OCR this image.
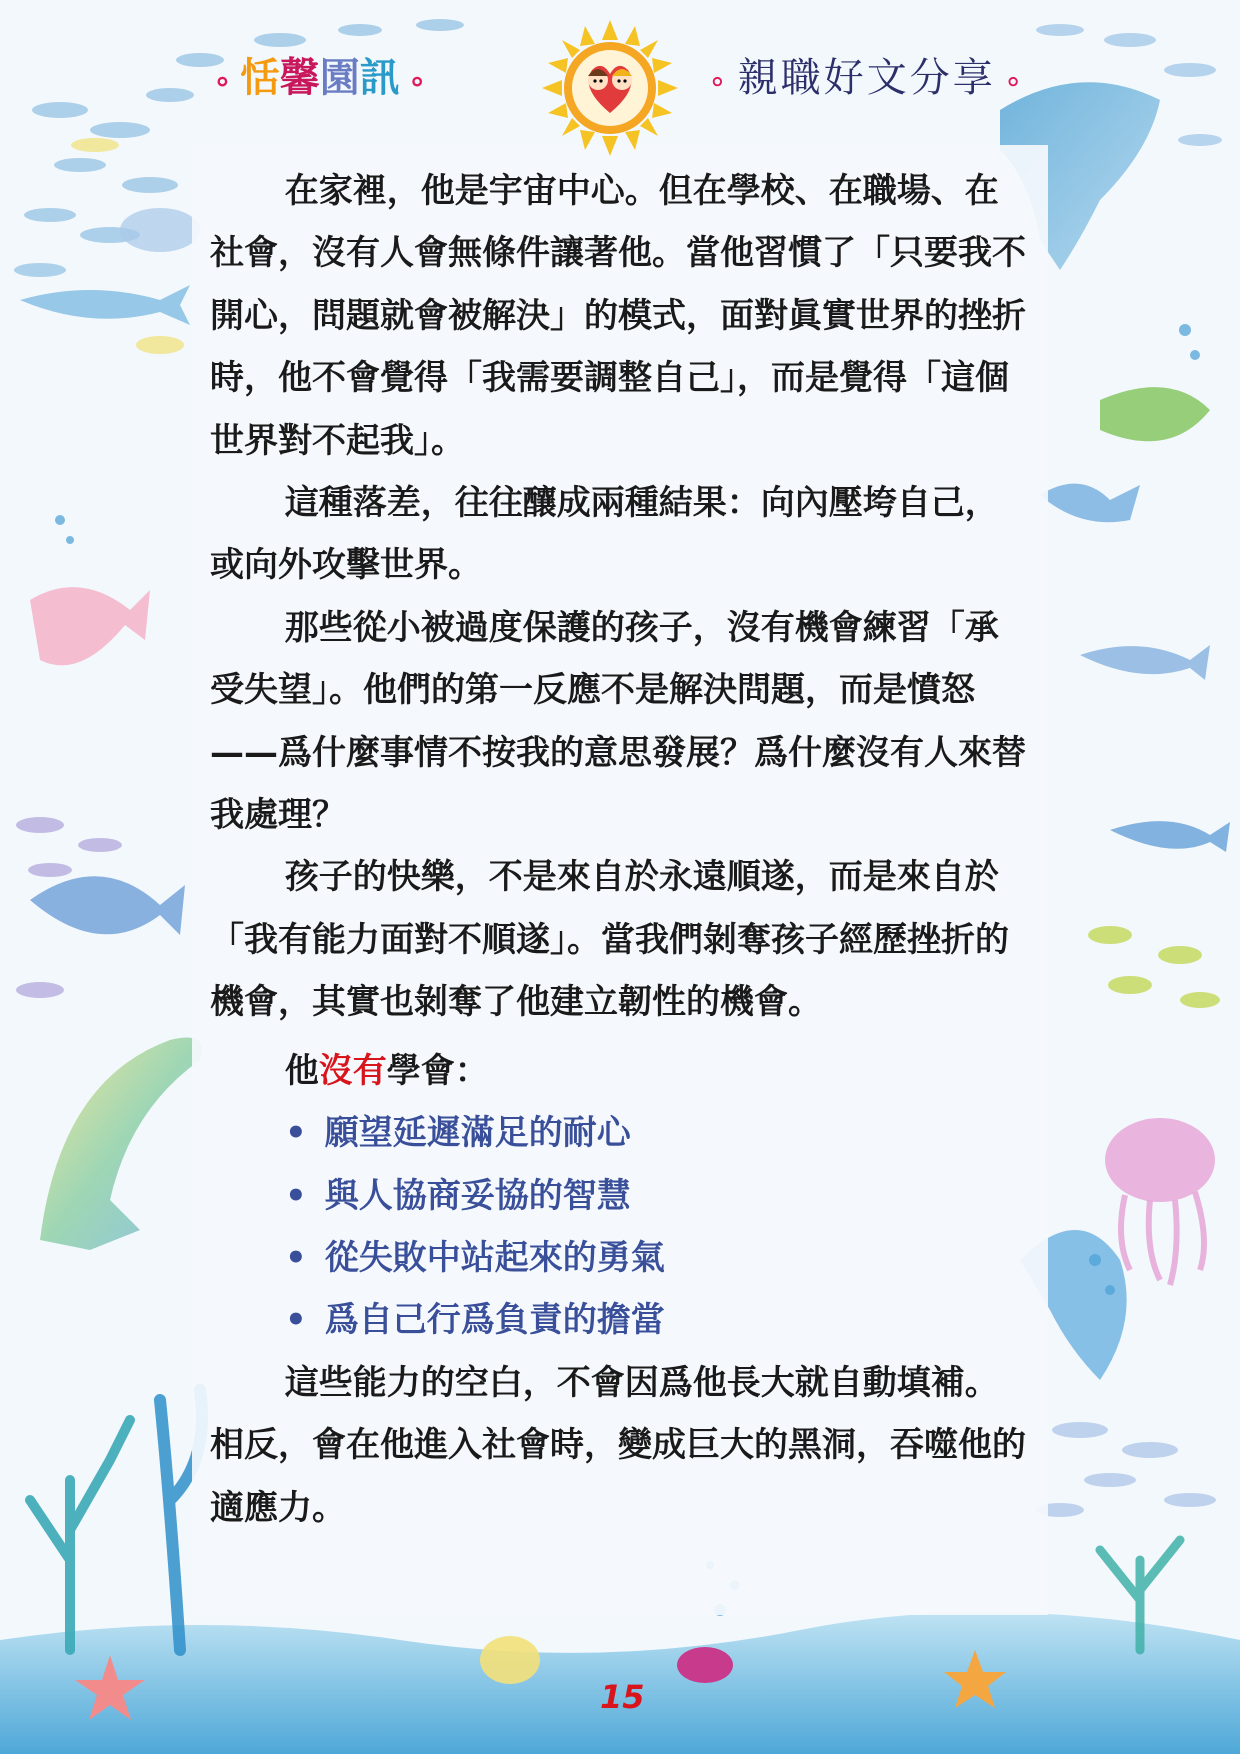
∘ 恬馨園訊 ∘	∘ 親職好文分享 ∘

在家裡，他是宇宙中心。但在學校、在職場、在社會，沒有人會無條件讓著他。當他習慣了「只要我不開心，問題就會被解決」的模式，面對眞實世界的挫折時，他不會覺得「我需要調整自己」，而是覺得「這個世界對不起我」。

這種落差，往往釀成兩種結果：向內壓垮自己，或向外攻擊世界。

那些從小被過度保護的孩子，沒有機會練習「承受失望」。他們的第一反應不是解決問題，而是憤怒——爲什麼事情不按我的意思發展？爲什麼沒有人來替我處理？

孩子的快樂，不是來自於永遠順遂，而是來自於「我有能力面對不順遂」。當我們剝奪孩子經歷挫折的機會，其實也剝奪了他建立韌性的機會。

他沒有學會：

• 願望延遲滿足的耐心
• 與人協商妥協的智慧
• 從失敗中站起來的勇氣
• 爲自己行爲負責的擔當

這些能力的空白，不會因爲他長大就自動填補。相反，會在他進入社會時，變成巨大的黑洞，吞噬他的適應力。

15
